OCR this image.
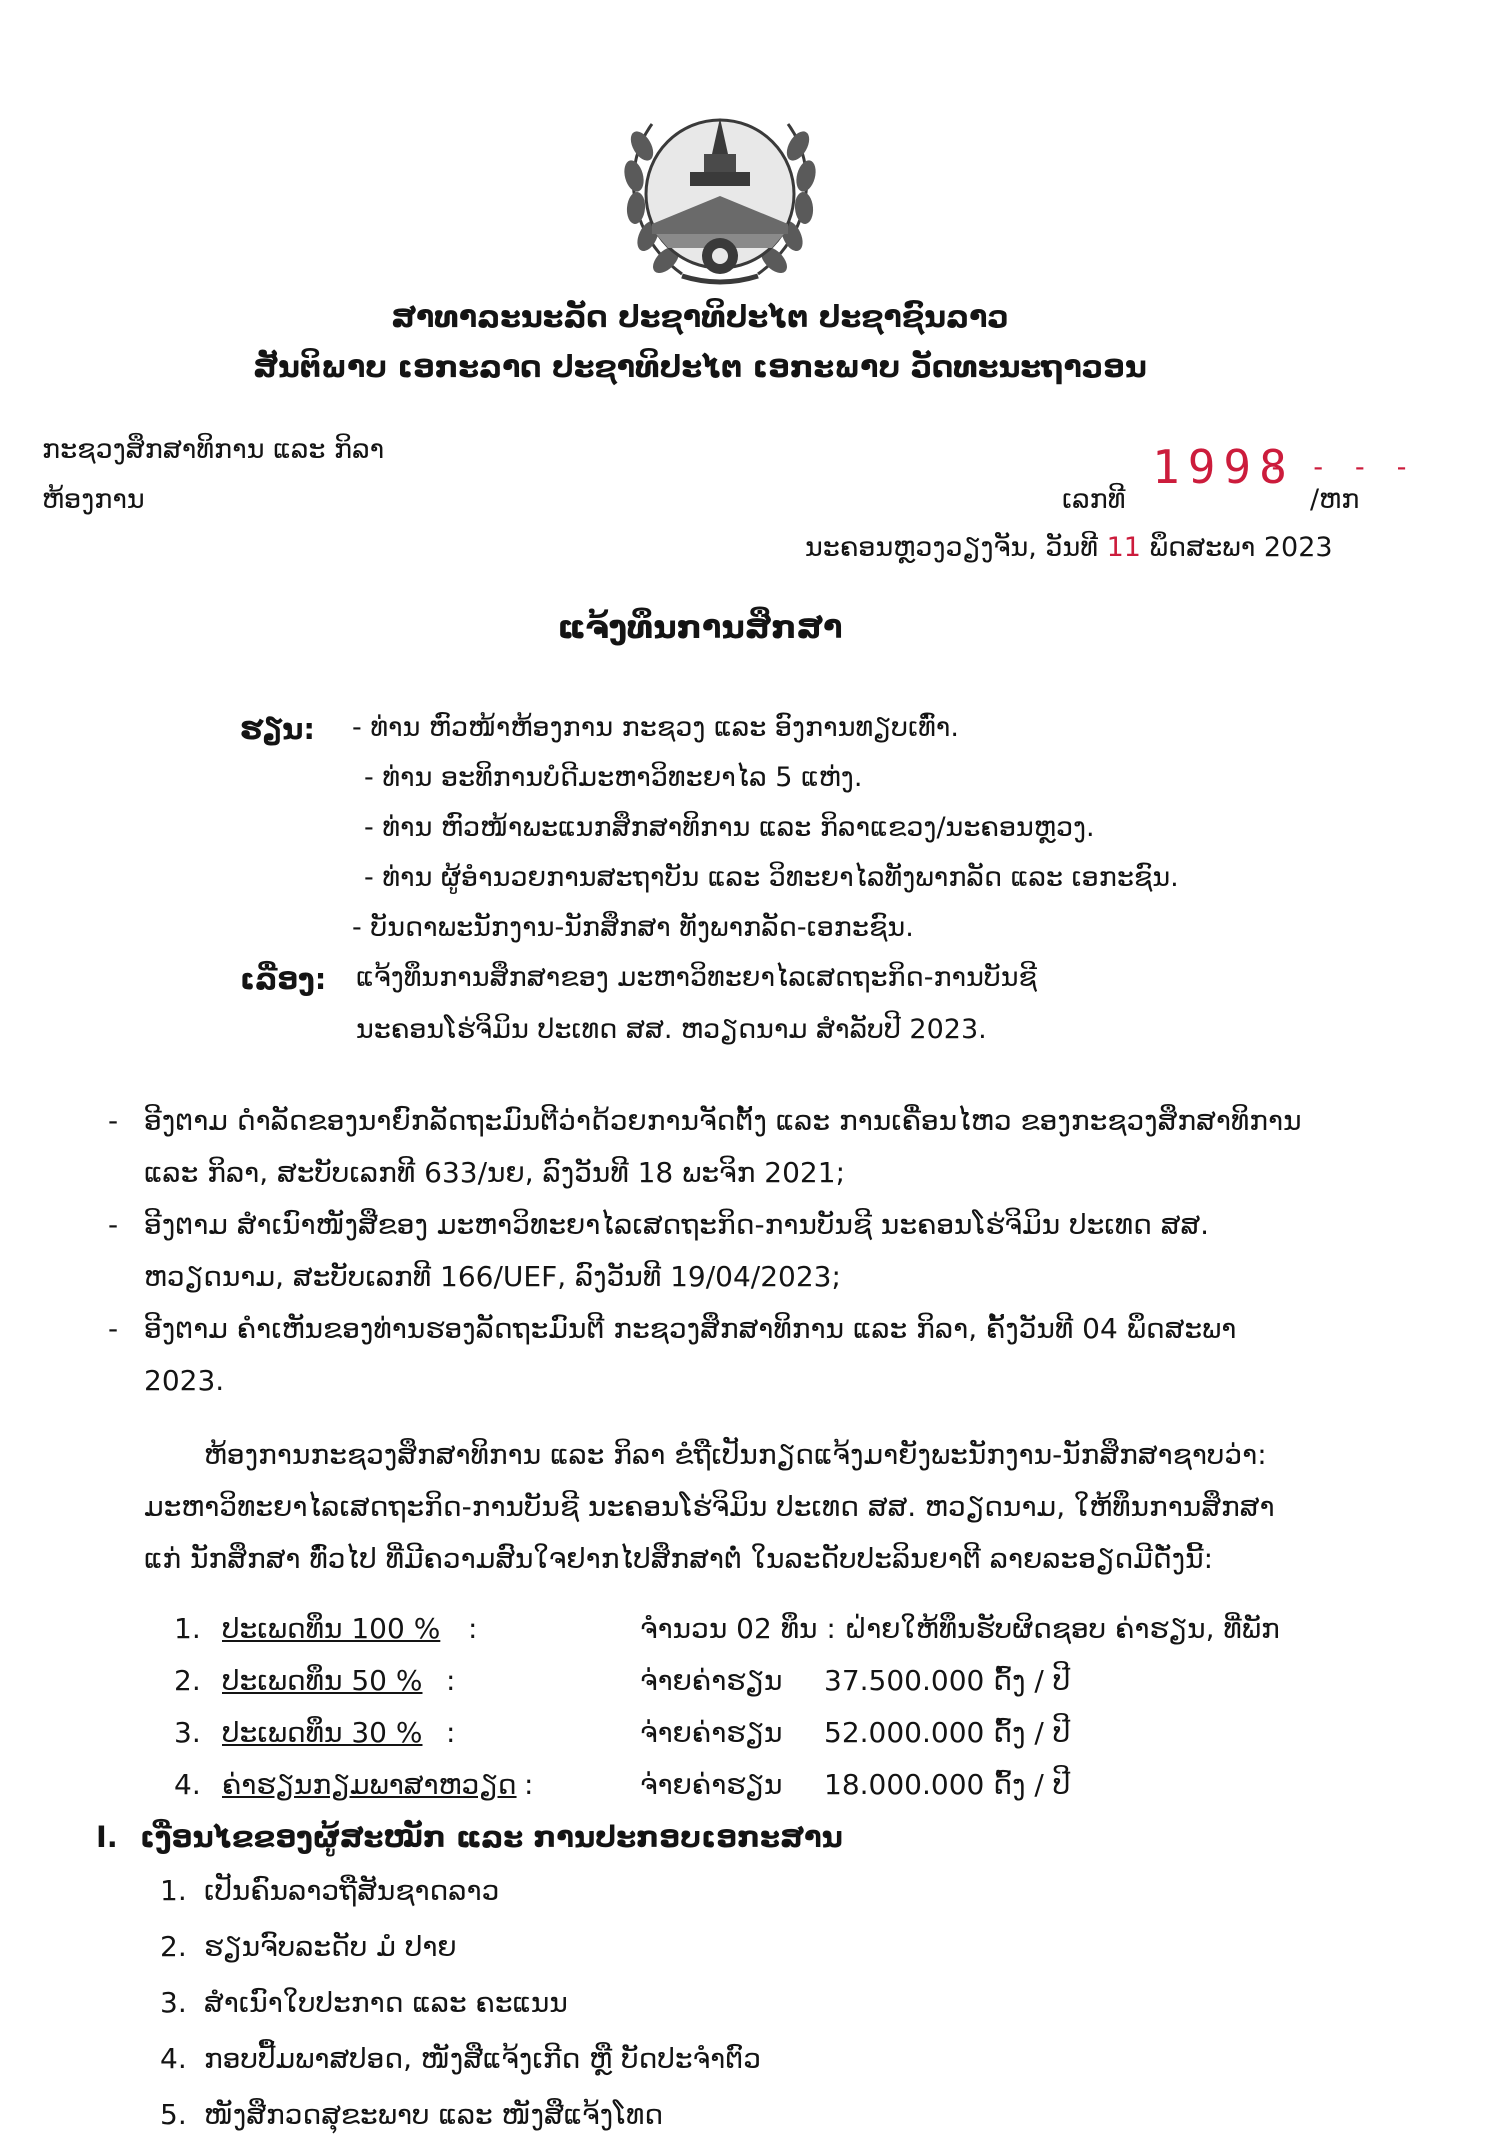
ສາທາລະນະລັດ ປະຊາທິປະໄຕ ປະຊາຊົນລາວ
ສັນຕິພາບ ເອກະລາດ ປະຊາທິປະໄຕ ເອກະພາບ ວັດທະນະຖາວອນ
ກະຊວງສຶກສາທິການ ແລະ ກິລາ
ຫ້ອງການ	ເລກທີ
1998
- - - -
/ຫກ
ນະຄອນຫຼວງວຽງຈັນ, ວັນທີ 11 ພຶດສະພາ 2023
ແຈ້ງທຶນການສຶກສາ
ຮຽນ: - ທ່ານ ຫົວໜ້າຫ້ອງການ ກະຊວງ ແລະ ອົງການທຽບເທົ່າ.
- ທ່ານ ອະທິການບໍດີມະຫາວິທະຍາໄລ 5 ແຫ່ງ.
- ທ່ານ ຫົວໜ້າພະແນກສຶກສາທິການ ແລະ ກິລາແຂວງ/ນະຄອນຫຼວງ.
- ທ່ານ ຜູ້ອຳນວຍການສະຖາບັນ ແລະ ວິທະຍາໄລທັງພາກລັດ ແລະ ເອກະຊົນ.
- ບັນດາພະນັກງານ-ນັກສຶກສາ ທັງພາກລັດ-ເອກະຊົນ.
ເລື່ອງ: ແຈ້ງທຶນການສຶກສາຂອງ ມະຫາວິທະຍາໄລເສດຖະກິດ-ການບັນຊີ
ນະຄອນໂຮ່ຈິມິນ ປະເທດ ສສ. ຫວຽດນາມ ສຳລັບປີ 2023.
- ອີງຕາມ ດຳລັດຂອງນາຍົກລັດຖະມົນຕີວ່າດ້ວຍການຈັດຕັ້ງ ແລະ ການເຄື່ອນໄຫວ ຂອງກະຊວງສຶກສາທິການ
ແລະ ກິລາ, ສະບັບເລກທີ 633/ນຍ, ລົງວັນທີ 18 ພະຈິກ 2021;
- ອີງຕາມ ສຳເນົາໜັງສືຂອງ ມະຫາວິທະຍາໄລເສດຖະກິດ-ການບັນຊີ ນະຄອນໂຮ່ຈິມິນ ປະເທດ ສສ.
ຫວຽດນາມ, ສະບັບເລກທີ 166/UEF, ລົງວັນທີ 19/04/2023;
- ອີງຕາມ ຄຳເຫັນຂອງທ່ານຮອງລັດຖະມົນຕີ ກະຊວງສຶກສາທິການ ແລະ ກິລາ, ຄັ້ງວັນທີ 04 ພຶດສະພາ
2023.
ຫ້ອງການກະຊວງສຶກສາທິການ ແລະ ກິລາ ຂໍຖືເປັນກຽດແຈ້ງມາຍັງພະນັກງານ-ນັກສຶກສາຊາບວ່າ:
ມະຫາວິທະຍາໄລເສດຖະກິດ-ການບັນຊີ ນະຄອນໂຮ່ຈິມິນ ປະເທດ ສສ. ຫວຽດນາມ, ໃຫ້ທຶນການສຶກສາ
ແກ່ ນັກສຶກສາ ທົ່ວໄປ ທີ່ມີຄວາມສົນໃຈຢາກໄປສຶກສາຕໍ່ ໃນລະດັບປະລິນຍາຕີ ລາຍລະອຽດມີດັ່ງນີ້:
1. ປະເພດທຶນ 100 % :	ຈຳນວນ 02 ທຶນ : ຝ່າຍໃຫ້ທຶນຮັບຜິດຊອບ ຄ່າຮຽນ, ທີ່ພັກ
2. ປະເພດທຶນ 50 % :	ຈ່າຍຄ່າຮຽນ 37.500.000 ດົ້ງ / ປີ
3. ປະເພດທຶນ 30 % :	ຈ່າຍຄ່າຮຽນ 52.000.000 ດົ້ງ / ປີ
4. ຄ່າຮຽນກຽມພາສາຫວຽດ :	ຈ່າຍຄ່າຮຽນ 18.000.000 ດົ້ງ / ປີ
I. ເງື່ອນໄຂຂອງຜູ້ສະໝັກ ແລະ ການປະກອບເອກະສານ
1. ເປັນຄົນລາວຖືສັນຊາດລາວ
2. ຮຽນຈົບລະດັບ ມໍ ປາຍ
3. ສຳເນົາໃບປະກາດ ແລະ ຄະແນນ
4. ກອບປື້ມພາສປອດ, ໜັງສືແຈ້ງເກີດ ຫຼື ບັດປະຈຳຕົວ
5. ໜັງສືກວດສຸຂະພາບ ແລະ ໜັງສືແຈ້ງໂທດ
